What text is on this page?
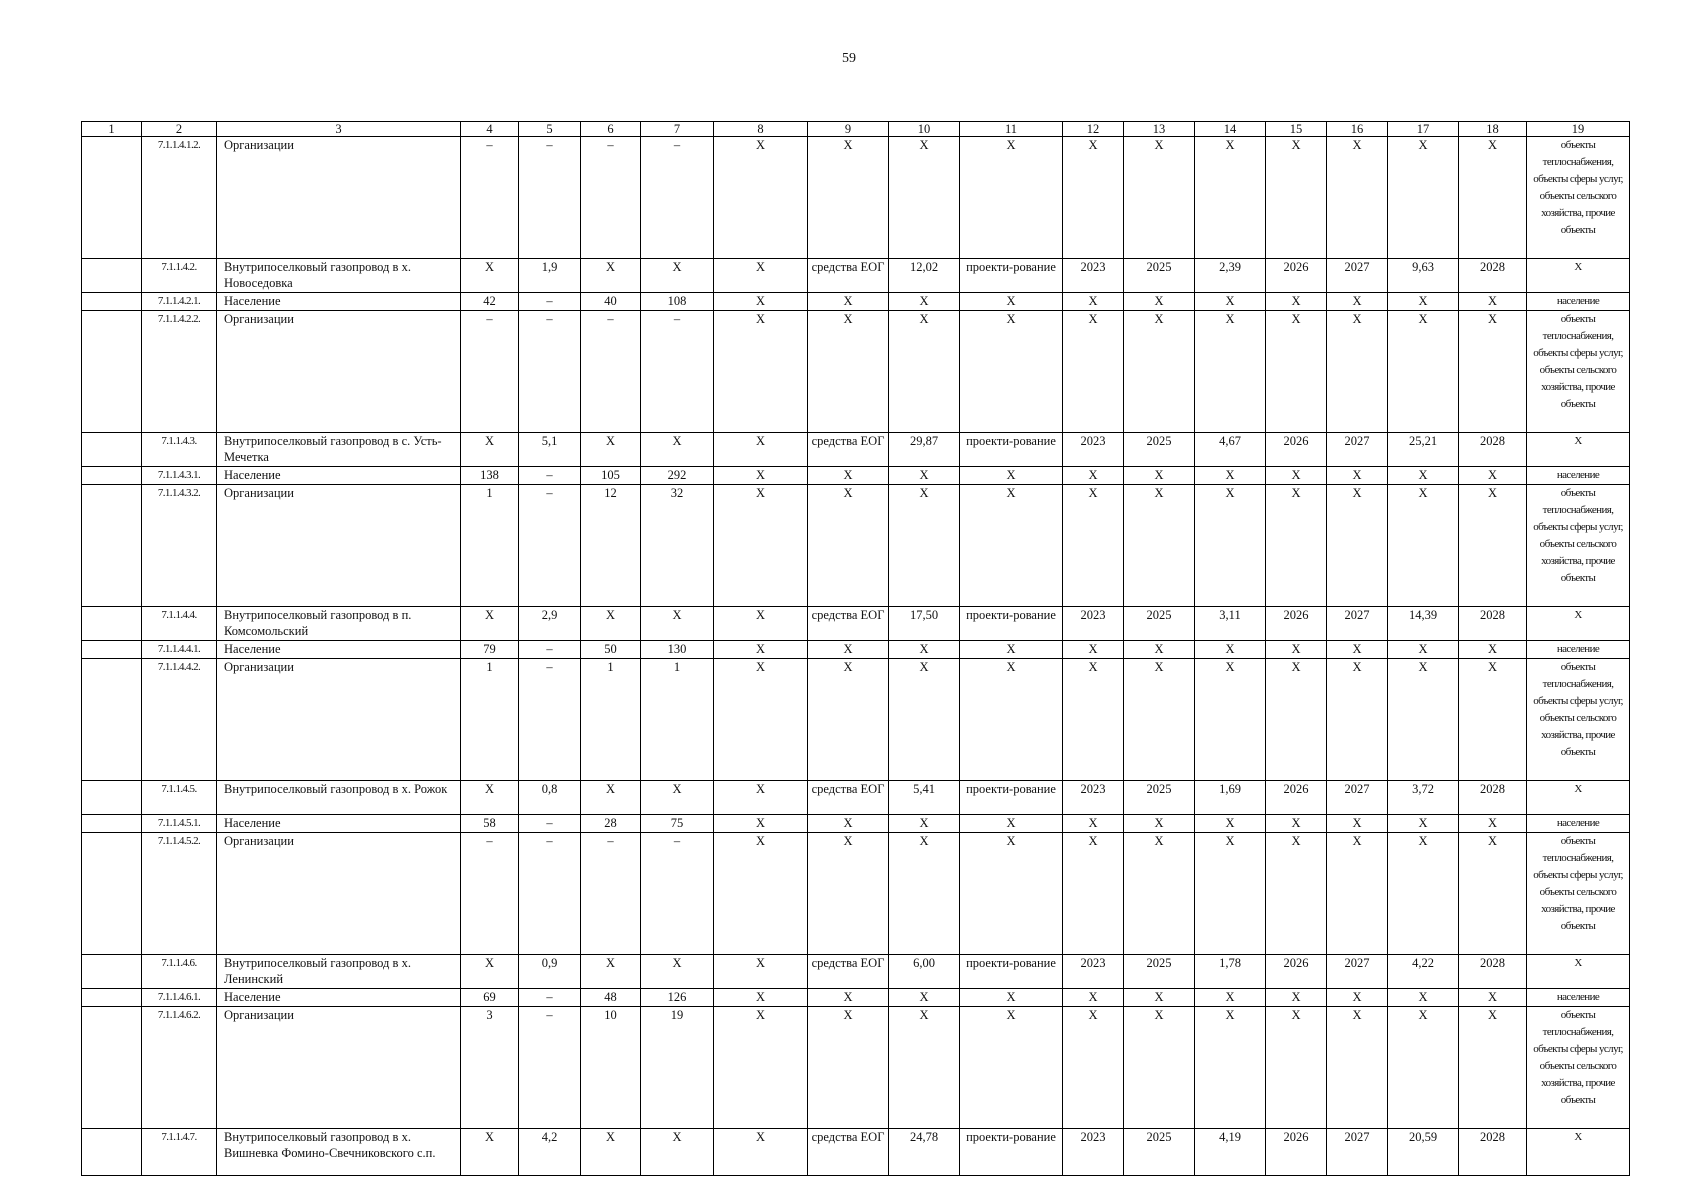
59
1	2	3	4	5	6	7	8	9	10	11	12	13	14	15	16	17	18	19
	7.1.1.4.1.2.	Организации	–	–	–	–	X	X	X	X	X	X	X	X	X	X	X	объекты теплоснабжения, объекты сферы услуг, объекты сельского хозяйства, прочие объекты
	7.1.1.4.2.	Внутрипоселковый газопровод в х. Новоседовка	X	1,9	X	X	X	средства ЕОГ	12,02	проекти-рование	2023	2025	2,39	2026	2027	9,63	2028	X
	7.1.1.4.2.1.	Население	42	–	40	108	X	X	X	X	X	X	X	X	X	X	X	население
	7.1.1.4.2.2.	Организации	–	–	–	–	X	X	X	X	X	X	X	X	X	X	X	объекты теплоснабжения, объекты сферы услуг, объекты сельского хозяйства, прочие объекты
	7.1.1.4.3.	Внутрипоселковый газопровод в с. Усть-Мечетка	X	5,1	X	X	X	средства ЕОГ	29,87	проекти-рование	2023	2025	4,67	2026	2027	25,21	2028	X
	7.1.1.4.3.1.	Население	138	–	105	292	X	X	X	X	X	X	X	X	X	X	X	население
	7.1.1.4.3.2.	Организации	1	–	12	32	X	X	X	X	X	X	X	X	X	X	X	объекты теплоснабжения, объекты сферы услуг, объекты сельского хозяйства, прочие объекты
	7.1.1.4.4.	Внутрипоселковый газопровод в п. Комсомольский	X	2,9	X	X	X	средства ЕОГ	17,50	проекти-рование	2023	2025	3,11	2026	2027	14,39	2028	X
	7.1.1.4.4.1.	Население	79	–	50	130	X	X	X	X	X	X	X	X	X	X	X	население
	7.1.1.4.4.2.	Организации	1	–	1	1	X	X	X	X	X	X	X	X	X	X	X	объекты теплоснабжения, объекты сферы услуг, объекты сельского хозяйства, прочие объекты
	7.1.1.4.5.	Внутрипоселковый газопровод в х. Рожок	X	0,8	X	X	X	средства ЕОГ	5,41	проекти-рование	2023	2025	1,69	2026	2027	3,72	2028	X
	7.1.1.4.5.1.	Население	58	–	28	75	X	X	X	X	X	X	X	X	X	X	X	население
	7.1.1.4.5.2.	Организации	–	–	–	–	X	X	X	X	X	X	X	X	X	X	X	объекты теплоснабжения, объекты сферы услуг, объекты сельского хозяйства, прочие объекты
	7.1.1.4.6.	Внутрипоселковый газопровод в х. Ленинский	X	0,9	X	X	X	средства ЕОГ	6,00	проекти-рование	2023	2025	1,78	2026	2027	4,22	2028	X
	7.1.1.4.6.1.	Население	69	–	48	126	X	X	X	X	X	X	X	X	X	X	X	население
	7.1.1.4.6.2.	Организации	3	–	10	19	X	X	X	X	X	X	X	X	X	X	X	объекты теплоснабжения, объекты сферы услуг, объекты сельского хозяйства, прочие объекты
	7.1.1.4.7.	Внутрипоселковый газопровод в х. Вишневка Фомино-Свечниковского с.п.	X	4,2	X	X	X	средства ЕОГ	24,78	проекти-рование	2023	2025	4,19	2026	2027	20,59	2028	X
